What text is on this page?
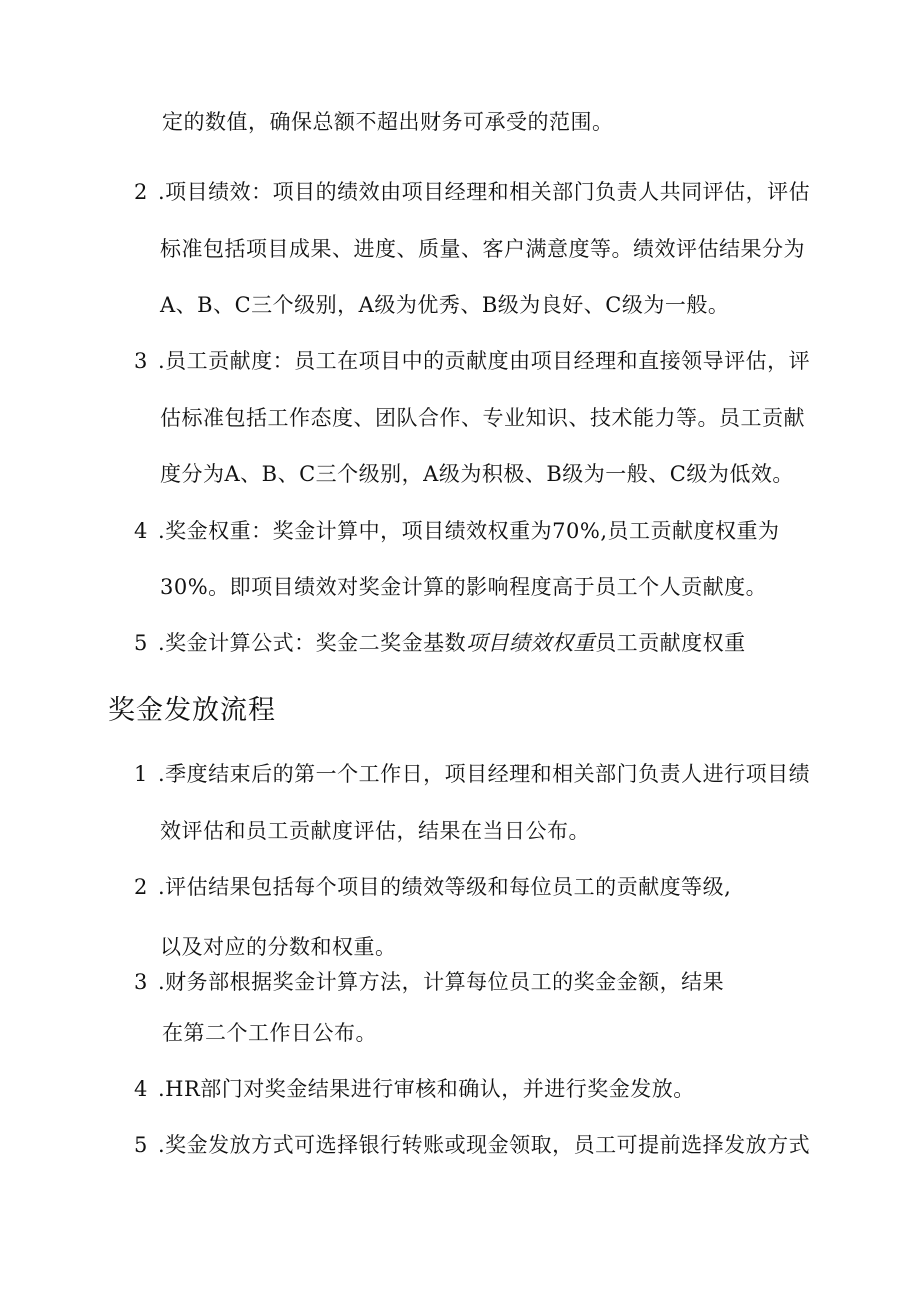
定的数值，确保总额不超出财务可承受的范围。
2 .项目绩效：项目的绩效由项目经理和相关部门负责人共同评估，评估
标准包括项目成果、进度、质量、客户满意度等。绩效评估结果分为
A、B、C三个级别，A级为优秀、B级为良好、C级为一般。
3 .员工贡献度：员工在项目中的贡献度由项目经理和直接领导评估，评
估标准包括工作态度、团队合作、专业知识、技术能力等。员工贡献
度分为A、B、C三个级别，A级为积极、B级为一般、C级为低效。
4 .奖金权重：奖金计算中，项目绩效权重为70%,员工贡献度权重为
30%。即项目绩效对奖金计算的影响程度高于员工个人贡献度。
5 .奖金计算公式：奖金二奖金基数项目绩效权重员工贡献度权重
奖金发放流程
1 .季度结束后的第一个工作日，项目经理和相关部门负责人进行项目绩
效评估和员工贡献度评估，结果在当日公布。
2 .评估结果包括每个项目的绩效等级和每位员工的贡献度等级,
以及对应的分数和权重。
3 .财务部根据奖金计算方法，计算每位员工的奖金金额，结果
在第二个工作日公布。
4 .HR部门对奖金结果进行审核和确认，并进行奖金发放。
5 .奖金发放方式可选择银行转账或现金领取，员工可提前选择发放方式
